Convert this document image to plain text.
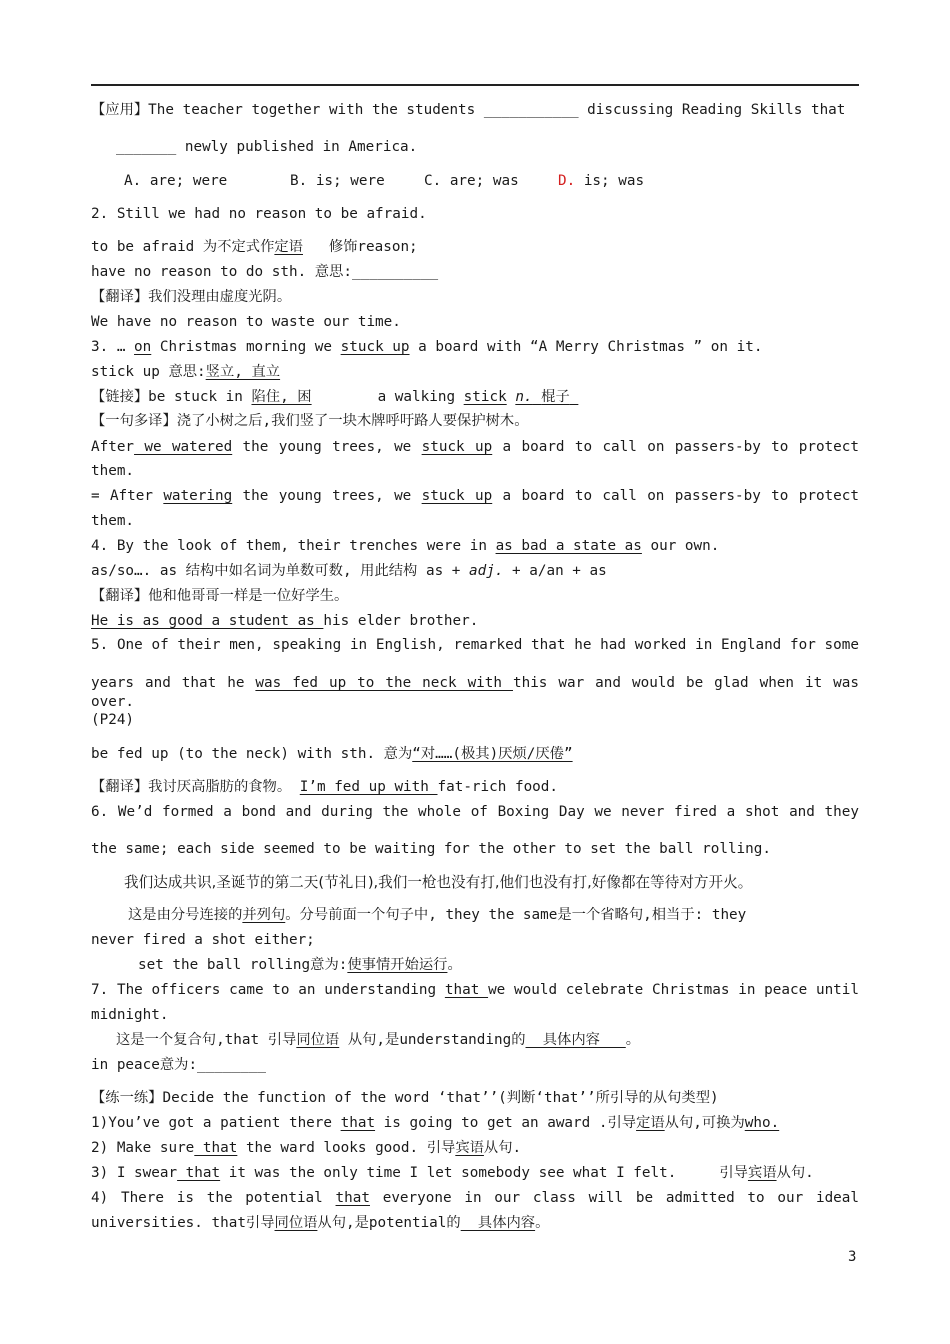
【应用】The teacher together with the students ___________ discussing Reading Skills that
_______ newly published in America.
A. are; were	B. is; were	C. are; was	D. is; was
2. Still we had no reason to be afraid.
to be afraid 为不定式作定语 修饰reason;
have no reason to do sth. 意思:__________
【翻译】我们没理由虚度光阴。
We have no reason to waste our time.
3. … on Christmas morning we stuck up a board with “A Merry Christmas ” on it.
stick up 意思:竖立, 直立
【链接】be stuck in 陷住, 困	a walking stick n. 棍子
【一句多译】浇了小树之后,我们竖了一块木牌呼吁路人要保护树木。
After we watered the young trees, we stuck up a board to call on passers-by to protect
them.
= After watering the young trees, we stuck up a board to call on passers-by to protect
them.
4. By the look of them, their trenches were in as bad a state as our own.
as/so…. as 结构中如名词为单数可数, 用此结构 as + adj. + a/an + as
【翻译】他和他哥哥一样是一位好学生。
He is as good a student as his elder brother.
5. One of their men, speaking in English, remarked that he had worked in England for some
years and that he was fed up to the neck with this war and would be glad when it was over.
(P24)
be fed up (to the neck) with sth. 意为“对……(极其)厌烦/厌倦”
【翻译】我讨厌高脂肪的食物。 I’m fed up with fat-rich food.
6. We’d formed a bond and during the whole of Boxing Day we never fired a shot and they
the same; each side seemed to be waiting for the other to set the ball rolling.
我们达成共识,圣诞节的第二天(节礼日),我们一枪也没有打,他们也没有打,好像都在等待对方开火。
这是由分号连接的并列句。分号前面一个句子中, they the same是一个省略句,相当于: they
never fired a shot either;
set the ball rolling意为:使事情开始运行。
7. The officers came to an understanding that we would celebrate Christmas in peace until
midnight.
这是一个复合句,that 引导同位语 从句,是understanding的  具体内容   。
in peace意为:________
【练一练】Decide the function of the word ‘that’’(判断‘that’’所引导的从句类型)
1)You’ve got a patient there that is going to get an award .引导定语从句,可换为who.
2) Make sure that the ward looks good. 引导宾语从句.
3) I swear that it was the only time I let somebody see what I felt.     引导宾语从句.
4) There is the potential that everyone in our class will be admitted to our ideal
universities. that引导同位语从句,是potential的  具体内容。
3
